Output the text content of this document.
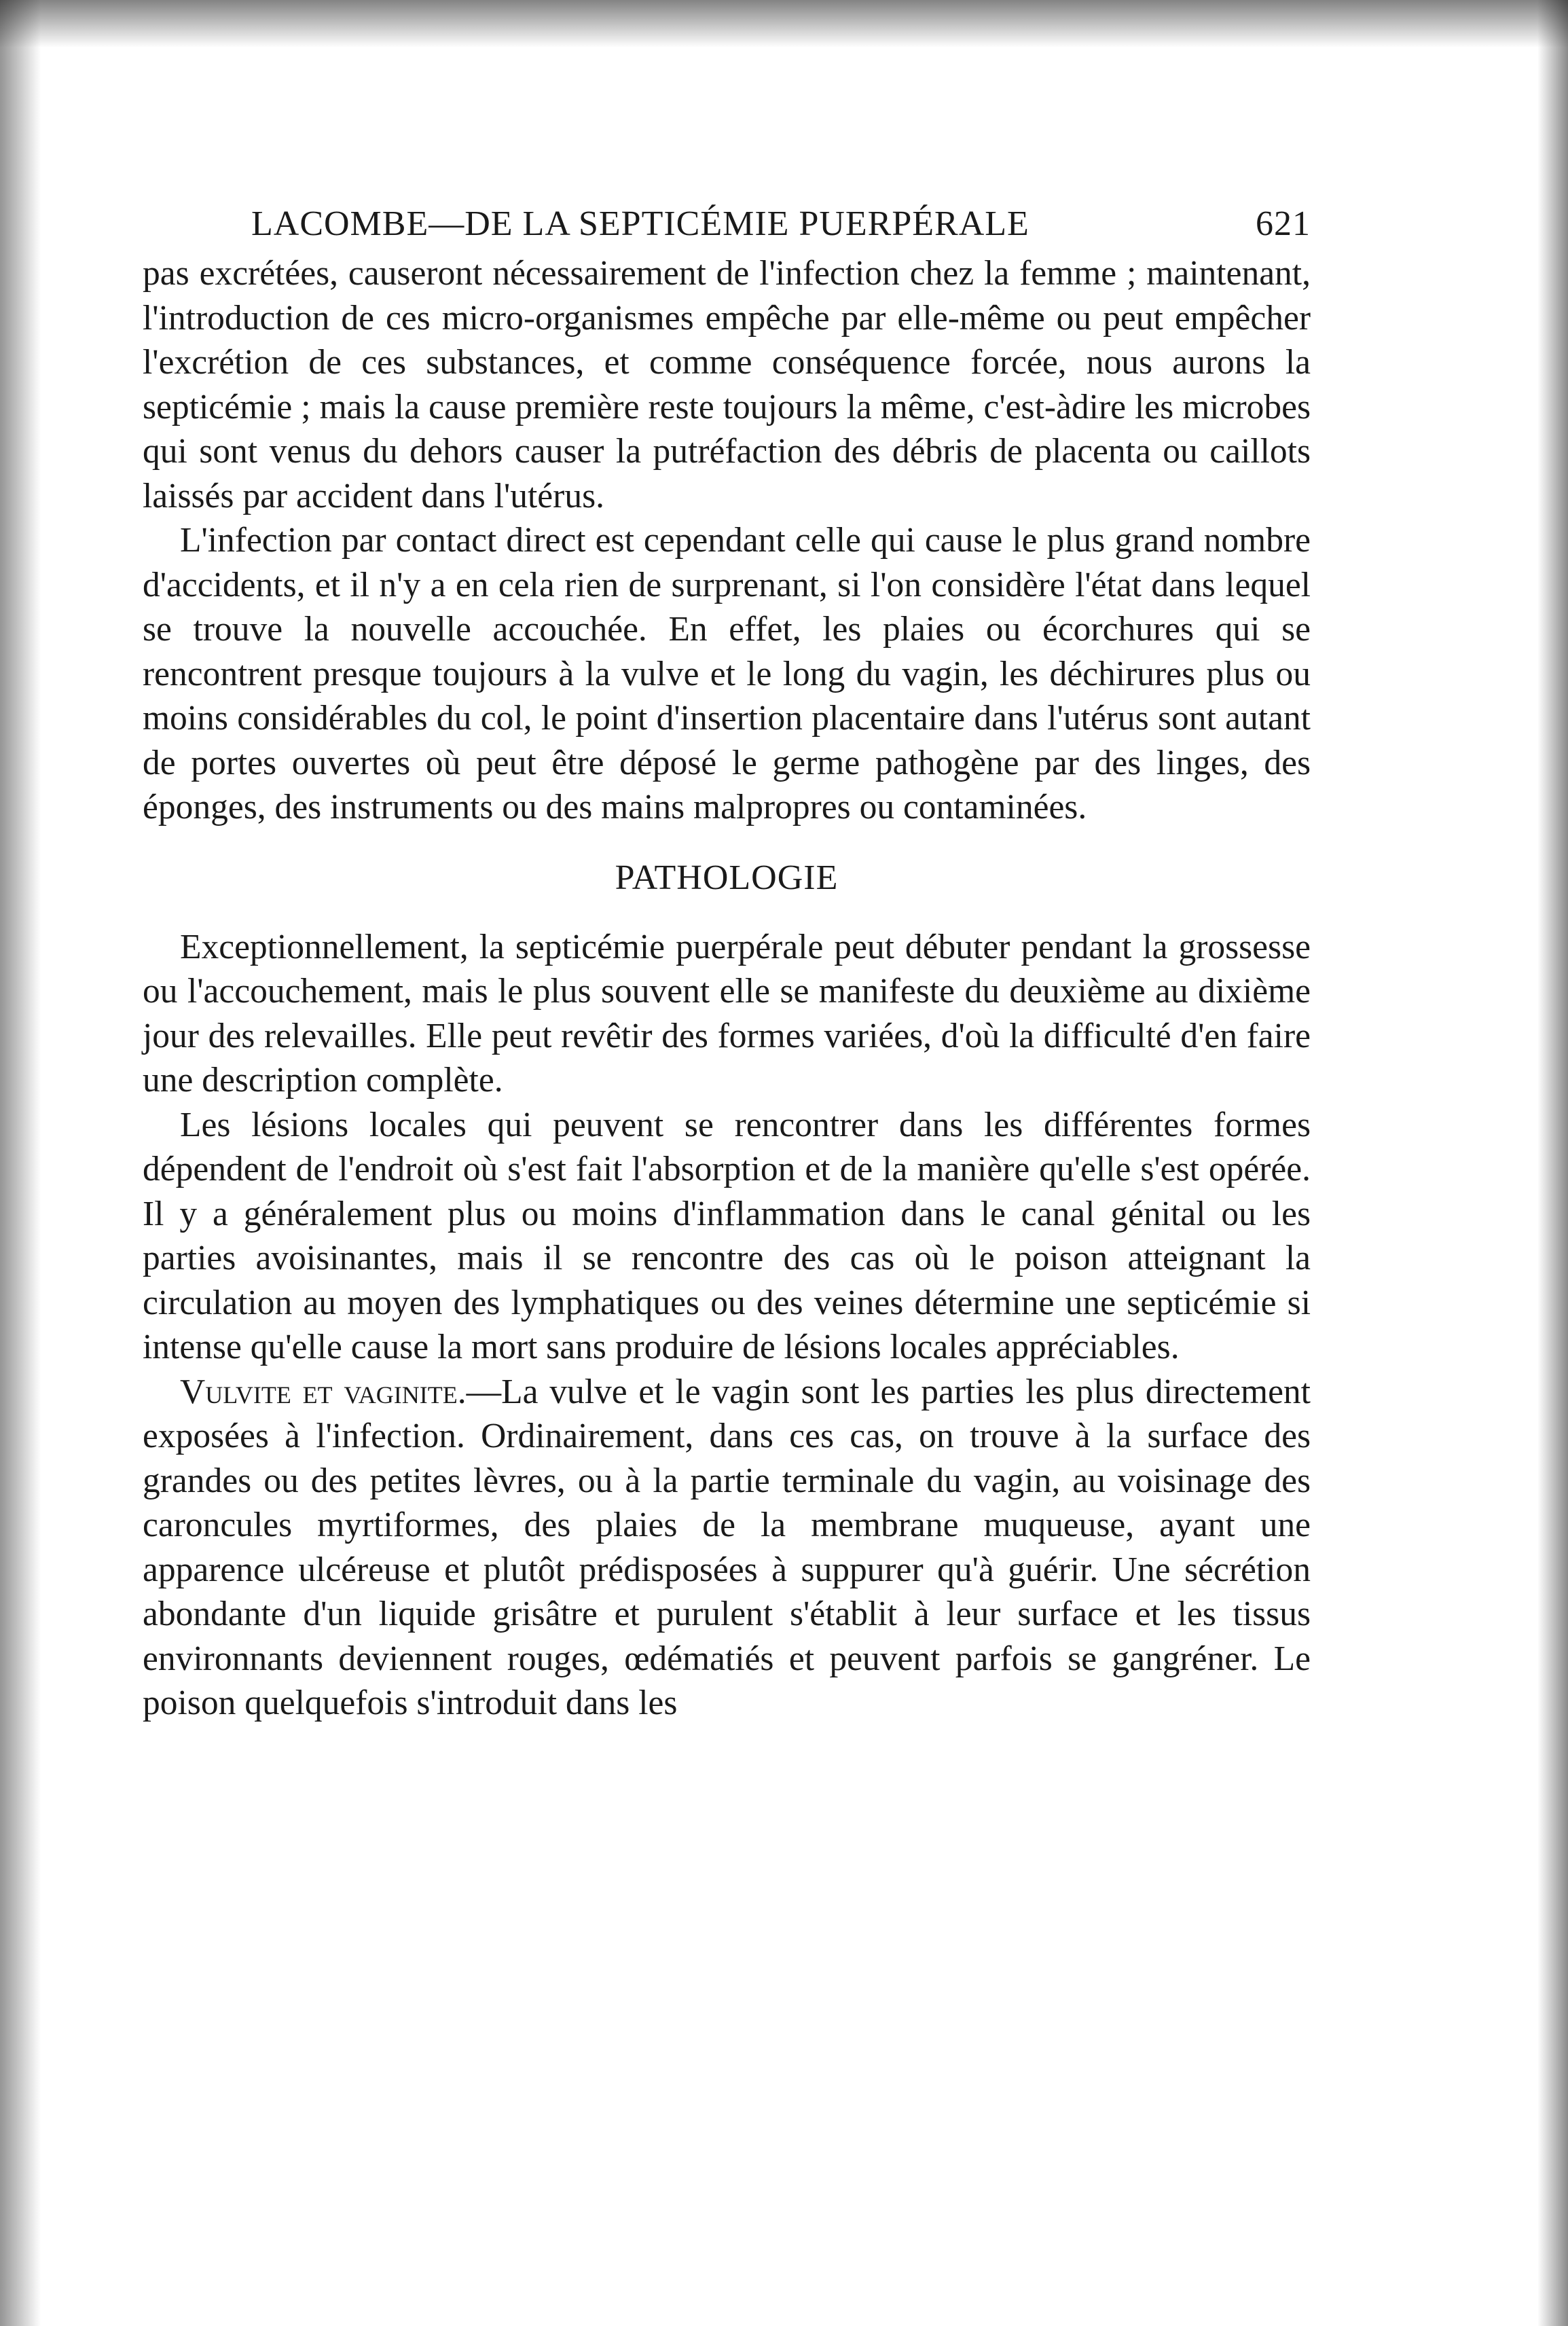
LACOMBE—DE LA SEPTICÉMIE PUERPÉRALE	621

pas excrétées, causeront nécessairement de l'infection chez la femme ; maintenant, l'introduction de ces micro-organismes empêche par elle-même ou peut empêcher l'excrétion de ces substances, et comme conséquence forcée, nous aurons la septicémie ; mais la cause première reste toujours la même, c'est-àdire les microbes qui sont venus du dehors causer la putréfaction des débris de placenta ou caillots laissés par accident dans l'utérus.

L'infection par contact direct est cependant celle qui cause le plus grand nombre d'accidents, et il n'y a en cela rien de surprenant, si l'on considère l'état dans lequel se trouve la nouvelle accouchée. En effet, les plaies ou écorchures qui se rencontrent presque toujours à la vulve et le long du vagin, les déchirures plus ou moins considérables du col, le point d'insertion placentaire dans l'utérus sont autant de portes ouvertes où peut être déposé le germe pathogène par des linges, des éponges, des instruments ou des mains malpropres ou contaminées.

PATHOLOGIE

Exceptionnellement, la septicémie puerpérale peut débuter pendant la grossesse ou l'accouchement, mais le plus souvent elle se manifeste du deuxième au dixième jour des relevailles. Elle peut revêtir des formes variées, d'où la difficulté d'en faire une description complète.

Les lésions locales qui peuvent se rencontrer dans les différentes formes dépendent de l'endroit où s'est fait l'absorption et de la manière qu'elle s'est opérée. Il y a généralement plus ou moins d'inflammation dans le canal génital ou les parties avoisinantes, mais il se rencontre des cas où le poison atteignant la circulation au moyen des lymphatiques ou des veines détermine une septicémie si intense qu'elle cause la mort sans produire de lésions locales appréciables.

Vulvite et vaginite.—La vulve et le vagin sont les parties les plus directement exposées à l'infection. Ordinairement, dans ces cas, on trouve à la surface des grandes ou des petites lèvres, ou à la partie terminale du vagin, au voisinage des caroncules myrtiformes, des plaies de la membrane muqueuse, ayant une apparence ulcéreuse et plutôt prédisposées à suppurer qu'à guérir. Une sécrétion abondante d'un liquide grisâtre et purulent s'établit à leur surface et les tissus environnants deviennent rouges, œdématiés et peuvent parfois se gangréner. Le poison quelquefois s'introduit dans les
